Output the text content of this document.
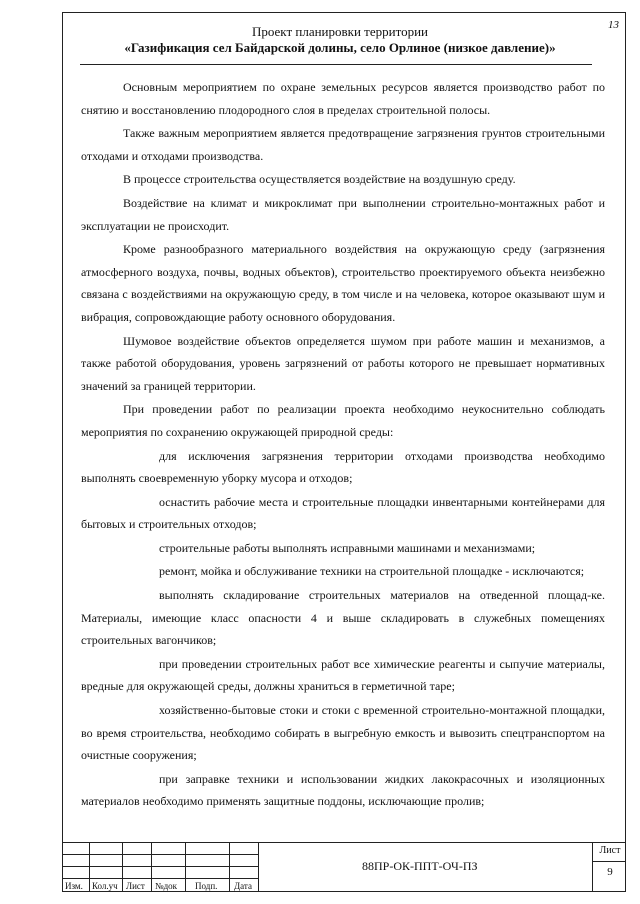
13
Проект планировки территории
«Газификация сел Байдарской долины, село Орлиное (низкое давление)»

Основным мероприятием по охране земельных ресурсов является производство работ по снятию и восстановлению плодородного слоя в пределах строительной полосы.

Также важным мероприятием является предотвращение загрязнения грунтов строительными отходами и отходами производства.

В процессе строительства осуществляется воздействие на воздушную среду.

Воздействие на климат и микроклимат при выполнении строительно-монтажных работ и эксплуатации не происходит.

Кроме разнообразного материального воздействия на окружающую среду (загрязнения атмосферного воздуха, почвы, водных объектов), строительство проектируемого объекта неизбежно связана с воздействиями на окружающую среду, в том числе и на человека, которое оказывают шум и вибрация, сопровождающие работу основного оборудования.

Шумовое воздействие объектов определяется шумом при работе машин и механизмов, а также работой оборудования, уровень загрязнений от работы которого не превышает нормативных значений за границей территории.

При проведении работ по реализации проекта необходимо неукоснительно соблюдать мероприятия по сохранению окружающей природной среды:

для исключения загрязнения территории отходами производства необходимо выполнять своевременную уборку мусора и отходов;

оснастить рабочие места и строительные площадки инвентарными контейнерами для бытовых и строительных отходов;

строительные работы выполнять исправными машинами и механизмами;

ремонт, мойка и обслуживание техники на строительной площадке - исключаются;

выполнять складирование строительных материалов на отведенной площад-ке. Материалы, имеющие класс опасности 4 и выше складировать в служебных помещениях строительных вагончиков;

при проведении строительных работ все химические реагенты и сыпучие материалы, вредные для окружающей среды, должны храниться в герметичной таре;

хозяйственно-бытовые стоки и стоки с временной строительно-монтажной площадки, во время строительства, необходимо собирать в выгребную емкость и вывозить спецтранспортом на очистные сооружения;

при заправке техники и использовании жидких лакокрасочных и изоляционных материалов необходимо применять защитные поддоны, исключающие пролив;

Изм. Кол.уч Лист №док Подп. Дата
88ПР-ОК-ППТ-ОЧ-ПЗ
Лист
9
